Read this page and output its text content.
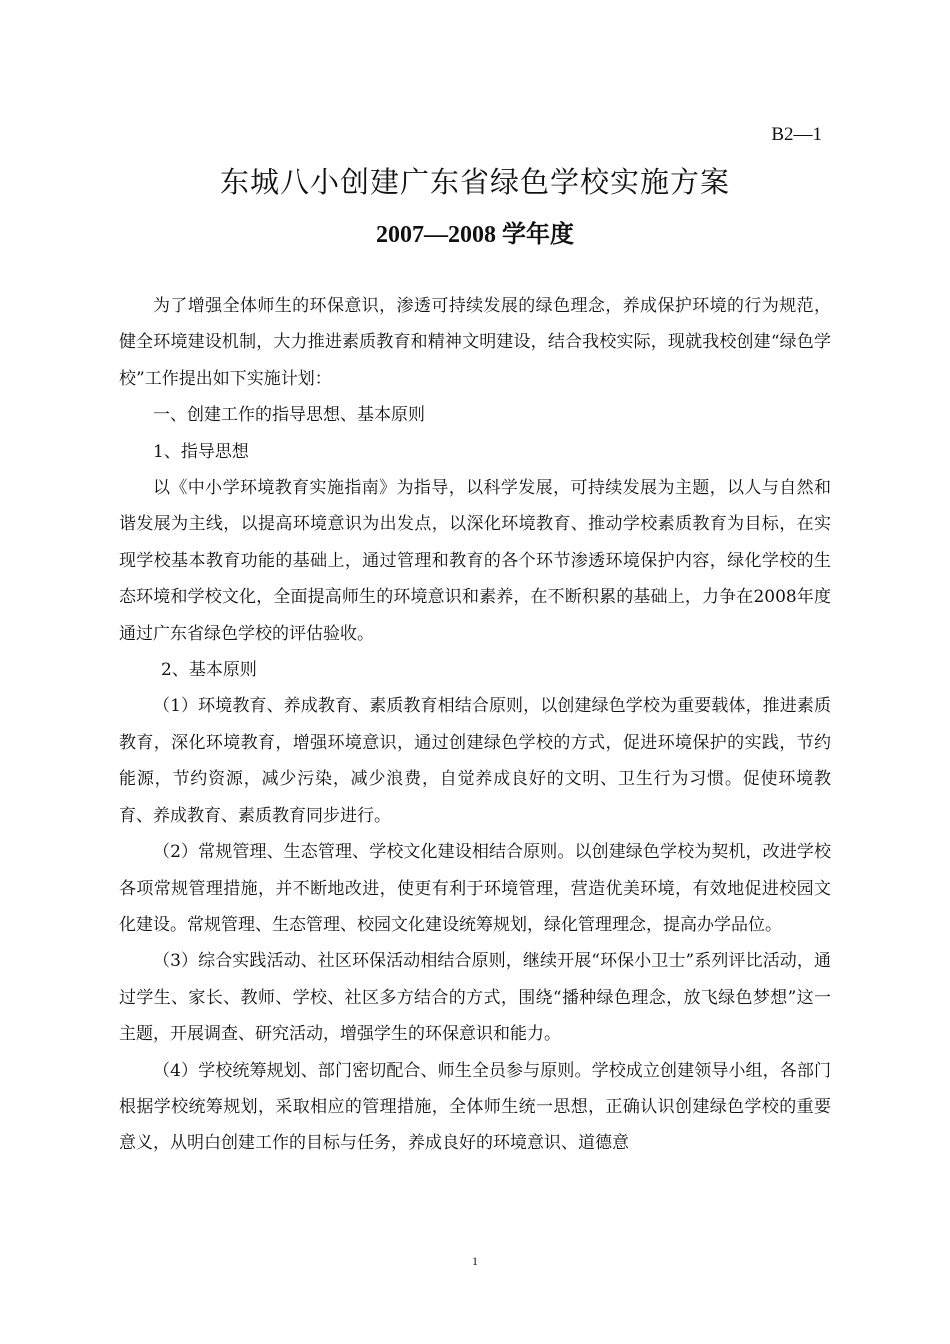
B2—1
东城八小创建广东省绿色学校实施方案
2007—2008 学年度

为了增强全体师生的环保意识，渗透可持续发展的绿色理念，养成保护环境的行为规范，健全环境建设机制，大力推进素质教育和精神文明建设，结合我校实际，现就我校创建“绿色学校”工作提出如下实施计划：

一、创建工作的指导思想、基本原则

1、指导思想

以《中小学环境教育实施指南》为指导，以科学发展，可持续发展为主题，以人与自然和谐发展为主线，以提高环境意识为出发点，以深化环境教育、推动学校素质教育为目标，在实现学校基本教育功能的基础上，通过管理和教育的各个环节渗透环境保护内容，绿化学校的生态环境和学校文化，全面提高师生的环境意识和素养，在不断积累的基础上，力争在2008年度通过广东省绿色学校的评估验收。

2、基本原则

（1）环境教育、养成教育、素质教育相结合原则，以创建绿色学校为重要载体，推进素质教育，深化环境教育，增强环境意识，通过创建绿色学校的方式，促进环境保护的实践，节约能源，节约资源，减少污染，减少浪费，自觉养成良好的文明、卫生行为习惯。促使环境教育、养成教育、素质教育同步进行。

（2）常规管理、生态管理、学校文化建设相结合原则。以创建绿色学校为契机，改进学校各项常规管理措施，并不断地改进，使更有利于环境管理，营造优美环境，有效地促进校园文化建设。常规管理、生态管理、校园文化建设统筹规划，绿化管理理念，提高办学品位。

（3）综合实践活动、社区环保活动相结合原则，继续开展“环保小卫士”系列评比活动，通过学生、家长、教师、学校、社区多方结合的方式，围绕“播种绿色理念，放飞绿色梦想”这一主题，开展调查、研究活动，增强学生的环保意识和能力。

（4）学校统筹规划、部门密切配合、师生全员参与原则。学校成立创建领导小组，各部门根据学校统筹规划，采取相应的管理措施，全体师生统一思想，正确认识创建绿色学校的重要意义，从明白创建工作的目标与任务，养成良好的环境意识、道德意

1
